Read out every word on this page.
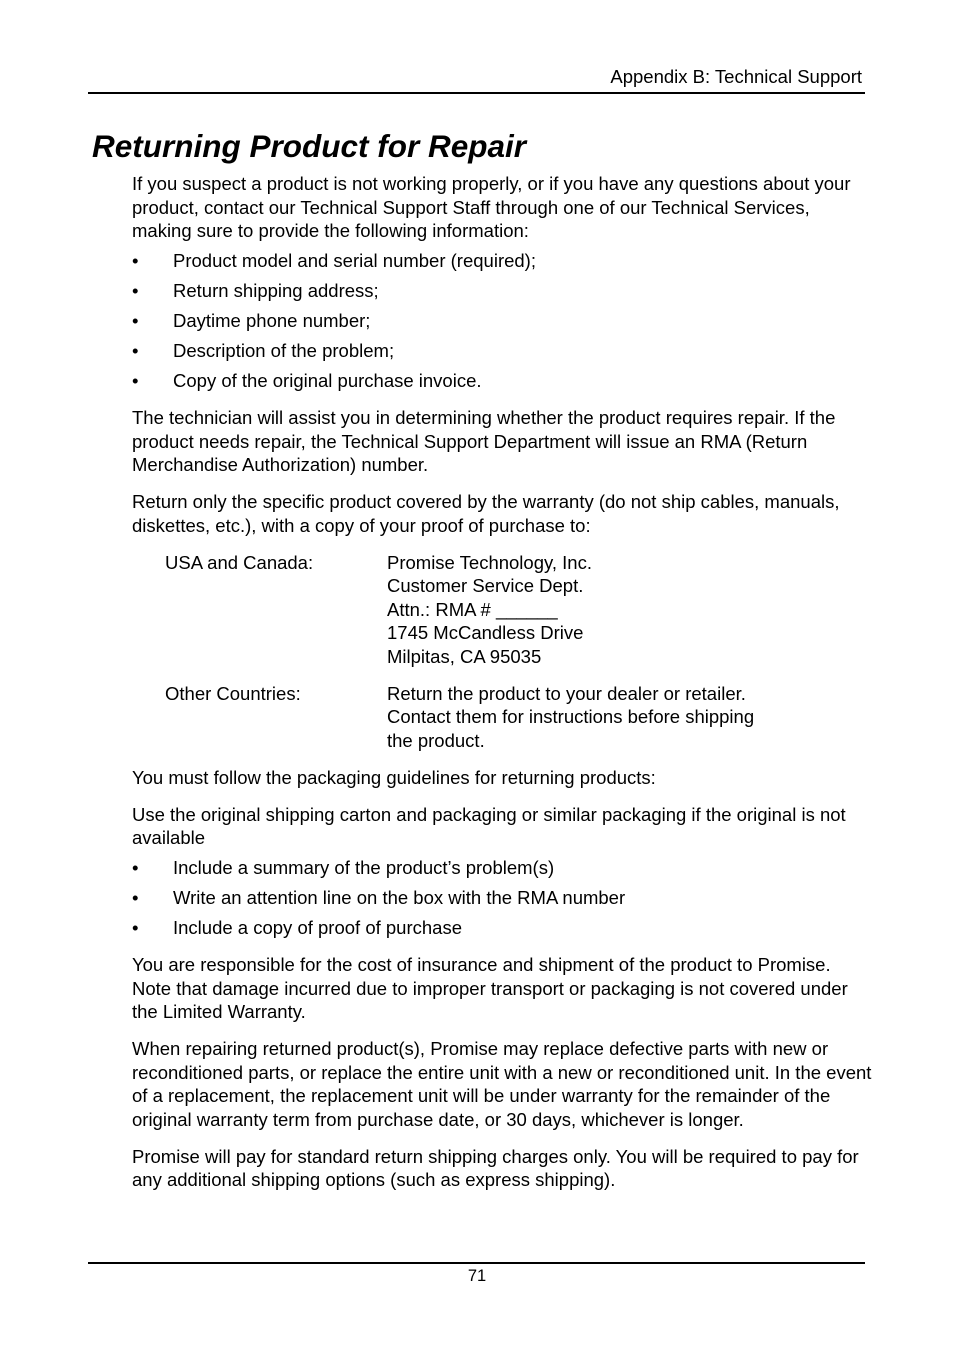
Appendix B: Technical Support
Returning Product for Repair

If you suspect a product is not working properly, or if you have any questions about your product, contact our Technical Support Staff through one of our Technical Services, making sure to provide the following information:

• Product model and serial number (required);
• Return shipping address;
• Daytime phone number;
• Description of the problem;
• Copy of the original purchase invoice.

The technician will assist you in determining whether the product requires repair. If the product needs repair, the Technical Support Department will issue an RMA (Return Merchandise Authorization) number.

Return only the specific product covered by the warranty (do not ship cables, manuals, diskettes, etc.), with a copy of your proof of purchase to:

USA and Canada:	Promise Technology, Inc.
Customer Service Dept.
Attn.: RMA # ______
1745 McCandless Drive
Milpitas, CA 95035
Other Countries:	Return the product to your dealer or retailer.
Contact them for instructions before shipping
the product.

You must follow the packaging guidelines for returning products:

Use the original shipping carton and packaging or similar packaging if the original is not available

• Include a summary of the product’s problem(s)
• Write an attention line on the box with the RMA number
• Include a copy of proof of purchase

You are responsible for the cost of insurance and shipment of the product to Promise. Note that damage incurred due to improper transport or packaging is not covered under the Limited Warranty.

When repairing returned product(s), Promise may replace defective parts with new or reconditioned parts, or replace the entire unit with a new or reconditioned unit. In the event of a replacement, the replacement unit will be under warranty for the remainder of the original warranty term from purchase date, or 30 days, whichever is longer.

Promise will pay for standard return shipping charges only. You will be required to pay for any additional shipping options (such as express shipping).

71
